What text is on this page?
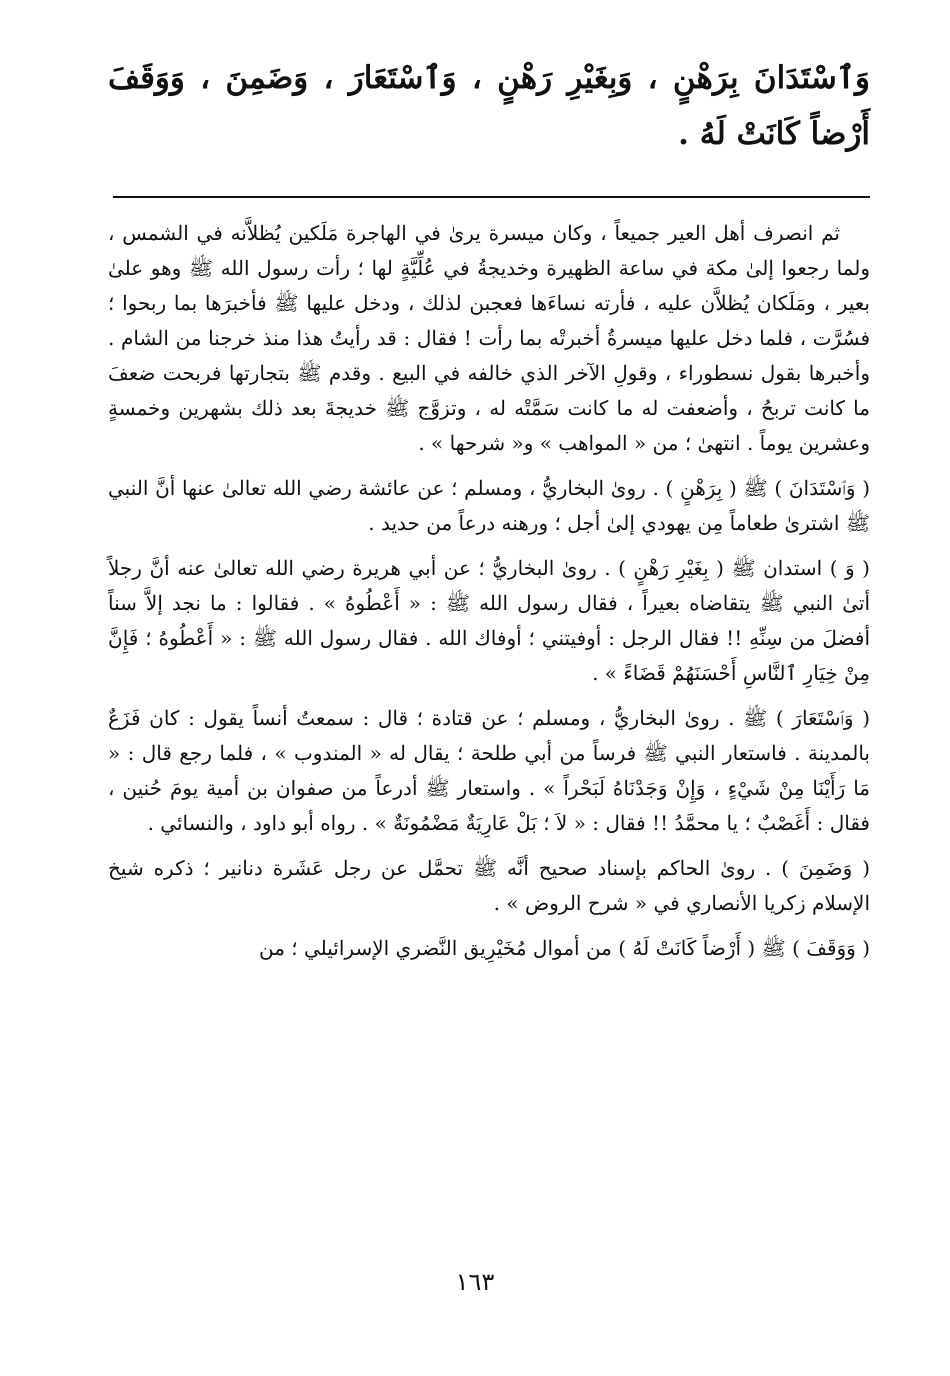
وَٱسْتَدَانَ بِرَهْنٍ ، وَبِغَيْرِ رَهْنٍ ، وَٱسْتَعَارَ ، وَضَمِنَ ، وَوَقَفَ أَرْضاً كَانَتْ لَهُ .

ثم انصرف أهل العير جميعاً ، وكان ميسرة يرىٰ في الهاجرة مَلَكين يُظلاَّنه في الشمس ، ولما رجعوا إلىٰ مكة في ساعة الظهيرة وخديجةُ في عُلِّيَّةٍ لها ؛ رأت رسول الله ﷺ وهو علىٰ بعير ، ومَلَكان يُظلاَّن عليه ، فأرته نساءَها فعجبن لذلك ، ودخل عليها ﷺ فأخبرَها بما ربحوا ؛ فسُرَّت ، فلما دخل عليها ميسرةُ أخبرتْه بما رأت ! فقال : قد رأيتُ هذا منذ خرجنا من الشام . وأخبرها بقول نسطوراء ، وقولِ الآخر الذي خالفه في البيع . وقدم ﷺ بتجارتها فربحت ضعفَ ما كانت تربحُ ، وأضعفت له ما كانت سَمَّتْه له ، وتزوَّج ﷺ خديجةَ بعد ذلك بشهرين وخمسةٍ وعشرين يوماً . انتهىٰ ؛ من « المواهب » و« شرحها » .

( وَٱسْتَدَانَ ) ﷺ ( بِرَهْنٍ ) . روىٰ البخاريُّ ، ومسلم ؛ عن عائشة رضي الله تعالىٰ عنها أنَّ النبي ﷺ اشترىٰ طعاماً مِن يهودي إلىٰ أجل ؛ ورهنه درعاً من حديد .

( وَ ) استدان ﷺ ( بِغَيْرِ رَهْنٍ ) . روىٰ البخاريُّ ؛ عن أبي هريرة رضي الله تعالىٰ عنه أنَّ رجلاً أتىٰ النبي ﷺ يتقاضاه بعيراً ، فقال رسول الله ﷺ : « أَعْطُوهُ » . فقالوا : ما نجد إلاَّ سناً أفضلَ من سِنِّهِ !! فقال الرجل : أوفيتني ؛ أوفاك الله . فقال رسول الله ﷺ : « أَعْطُوهُ ؛ فَإِنَّ مِنْ خِيَارِ ٱلنَّاسِ أَحْسَنَهُمْ قَضَاءً » .

( وَٱسْتَعَارَ ) ﷺ . روىٰ البخاريُّ ، ومسلم ؛ عن قتادة ؛ قال : سمعتُ أنساً يقول : كان فَزَعٌ بالمدينة . فاستعار النبي ﷺ فرساً من أبي طلحة ؛ يقال له « المندوب » ، فلما رجع قال : « مَا رَأَيْنَا مِنْ شَيْءٍ ، وَإِنْ وَجَدْنَاهُ لَبَحْراً » . واستعار ﷺ أدرعاً من صفوان بن أمية يومَ حُنين ، فقال : أَغَصْبٌ ؛ يا محمَّدُ !! فقال : « لاَ ؛ بَلْ عَارِيَةٌ مَضْمُونَةٌ » . رواه أبو داود ، والنسائي .

( وَضَمِنَ ) . روىٰ الحاكم بإسناد صحيح أنَّه ﷺ تحمَّل عن رجل عَشَرة دنانير ؛ ذكره شيخ الإسلام زكريا الأنصاري في « شرح الروض » .

( وَوَقَفَ ) ﷺ ( أَرْضاً كَانَتْ لَهُ ) من أموال مُخَيْرِيق النَّضري الإسرائيلي ؛ من

١٦٣
